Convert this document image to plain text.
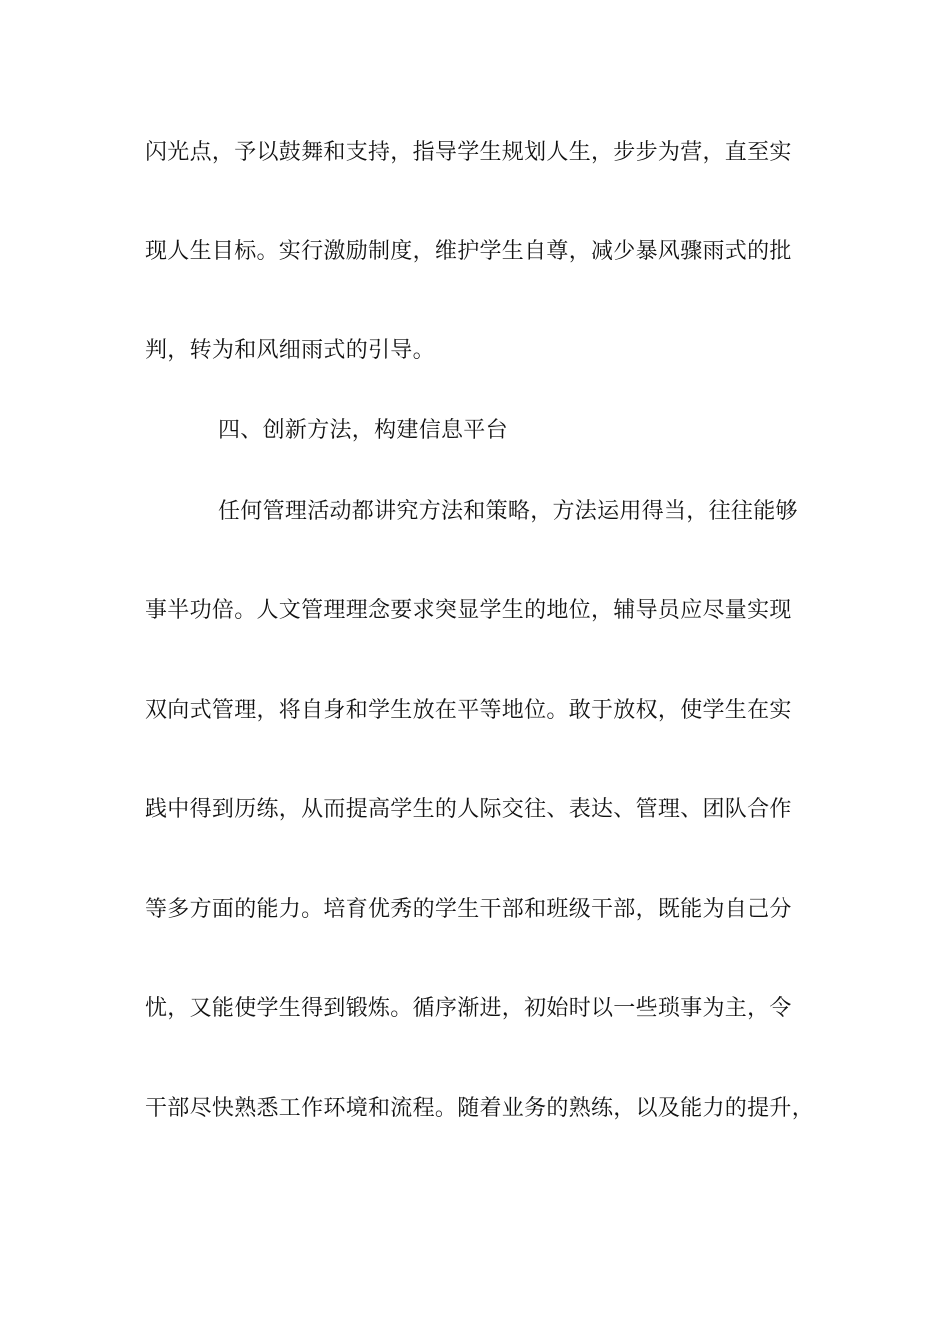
闪光点，予以鼓舞和支持，指导学生规划人生，步步为营，直至实
现人生目标。实行激励制度，维护学生自尊，减少暴风骤雨式的批
判，转为和风细雨式的引导。
四、创新方法，构建信息平台
任何管理活动都讲究方法和策略，方法运用得当，往往能够
事半功倍。人文管理理念要求突显学生的地位，辅导员应尽量实现
双向式管理，将自身和学生放在平等地位。敢于放权，使学生在实
践中得到历练，从而提高学生的人际交往、表达、管理、团队合作
等多方面的能力。培育优秀的学生干部和班级干部，既能为自己分
忧，又能使学生得到锻炼。循序渐进，初始时以一些琐事为主，令
干部尽快熟悉工作环境和流程。随着业务的熟练，以及能力的提升，
